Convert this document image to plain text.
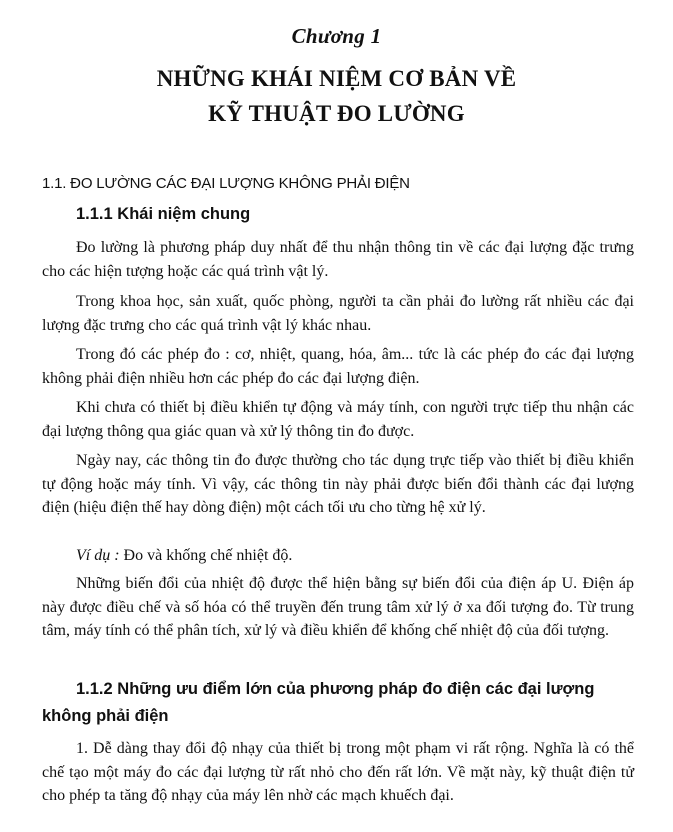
Chương 1
NHỮNG KHÁI NIỆM CƠ BẢN VỀ
KỸ THUẬT ĐO LƯỜNG
1.1. ĐO LƯỜNG CÁC ĐẠI LƯỢNG KHÔNG PHẢI ĐIỆN
1.1.1 Khái niệm chung

Đo lường là phương pháp duy nhất để thu nhận thông tin về các đại lượng đặc trưng cho các hiện tượng hoặc các quá trình vật lý.

Trong khoa học, sản xuất, quốc phòng, người ta cần phải đo lường rất nhiều các đại lượng đặc trưng cho các quá trình vật lý khác nhau.

Trong đó các phép đo : cơ, nhiệt, quang, hóa, âm... tức là các phép đo các đại lượng không phải điện nhiều hơn các phép đo các đại lượng điện.

Khi chưa có thiết bị điều khiển tự động và máy tính, con người trực tiếp thu nhận các đại lượng thông qua giác quan và xử lý thông tin đo được.

Ngày nay, các thông tin đo được thường cho tác dụng trực tiếp vào thiết bị điều khiển tự động hoặc máy tính. Vì vậy, các thông tin này phải được biến đổi thành các đại lượng điện (hiệu điện thế hay dòng điện) một cách tối ưu cho từng hệ xử lý.

Ví dụ : Đo và khống chế nhiệt độ.

Những biến đổi của nhiệt độ được thể hiện bằng sự biến đổi của điện áp U. Điện áp này được điều chế và số hóa có thể truyền đến trung tâm xử lý ở xa đối tượng đo. Từ trung tâm, máy tính có thể phân tích, xử lý và điều khiển để khống chế nhiệt độ của đối tượng.

1.1.2 Những ưu điểm lớn của phương pháp đo điện các đại lượng không phải điện

1. Dễ dàng thay đổi độ nhạy của thiết bị trong một phạm vi rất rộng. Nghĩa là có thể chế tạo một máy đo các đại lượng từ rất nhỏ cho đến rất lớn. Về mặt này, kỹ thuật điện tử cho phép ta tăng độ nhạy của máy lên nhờ các mạch khuếch đại.
